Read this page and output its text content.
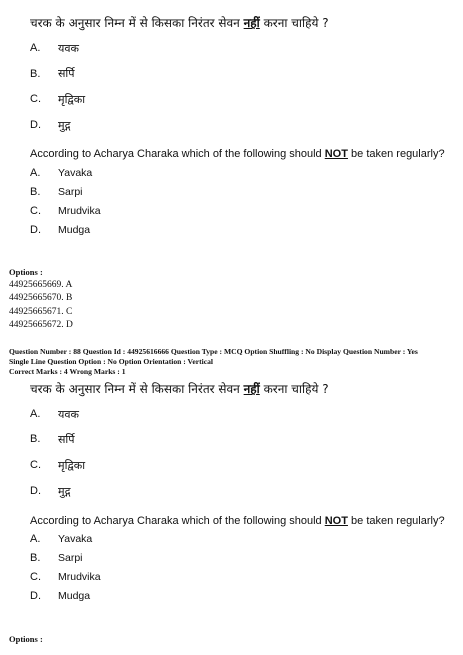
चरक के अनुसार निम्न में से किसका निरंतर सेवन नहीं करना चाहिये ?
A. यवक
B. सर्पि
C. मृद्विका
D. मुद्ग
According to Acharya Charaka which of the following should NOT be taken regularly?
A. Yavaka
B. Sarpi
C. Mrudvika
D. Mudga
Options :
44925665669. A
44925665670. B
44925665671. C
44925665672. D
Question Number : 88 Question Id : 44925616666 Question Type : MCQ Option Shuffling : No Display Question Number : Yes
Single Line Question Option : No Option Orientation : Vertical
Correct Marks : 4 Wrong Marks : 1
चरक के अनुसार निम्न में से किसका निरंतर सेवन नहीं करना चाहिये ?
A. यवक
B. सर्पि
C. मृद्विका
D. मुद्ग
According to Acharya Charaka which of the following should NOT be taken regularly?
A. Yavaka
B. Sarpi
C. Mrudvika
D. Mudga
Options :
